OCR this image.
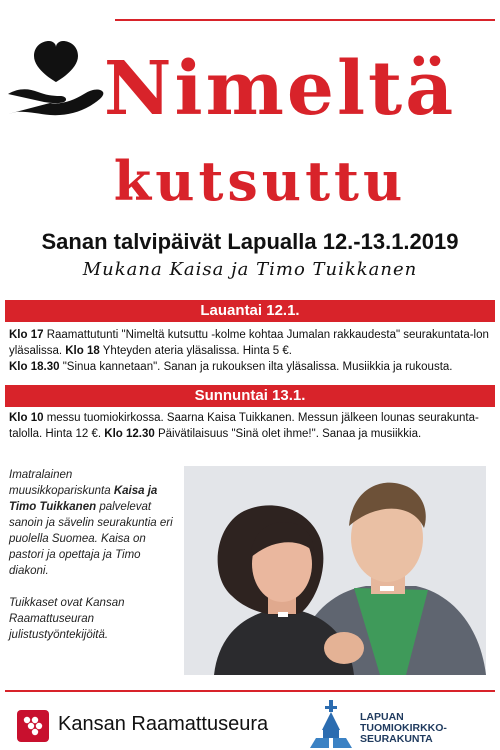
Nimeltä
kutsuttu
Sanan talvipäivät Lapualla 12.-13.1.2019
Mukana Kaisa ja Timo Tuikkanen
Lauantai 12.1.

Klo 17 Raamattutunti "Nimeltä kutsuttu -kolme kohtaa Jumalan rakkaudesta" seurakuntata-lon yläsalissa. Klo 18 Yhteyden ateria yläsalissa. Hinta 5 €.

Klo 18.30 "Sinua kannetaan". Sanan ja rukouksen ilta yläsalissa. Musiikkia ja rukousta.

Sunnuntai 13.1.

Klo 10 messu tuomiokirkossa. Saarna Kaisa Tuikkanen. Messun jälkeen lounas seurakunta-talolla. Hinta 12 €. Klo 12.30 Päivätilaisuus "Sinä olet ihme!". Sanaa ja musiikkia.

Imatralainen muusikkopariskunta Kaisa ja Timo Tuikkanen palvelevat sanoin ja sävelin seurakuntia eri puolella Suomea. Kaisa on pastori ja opettaja ja Timo diakoni.

Tuikkaset ovat Kansan Raamattuseuran julistustyöntekijöitä.

Kansan Raamattuseura	LAPUAN
TUOMIOKIRKKO-
SEURAKUNTA
